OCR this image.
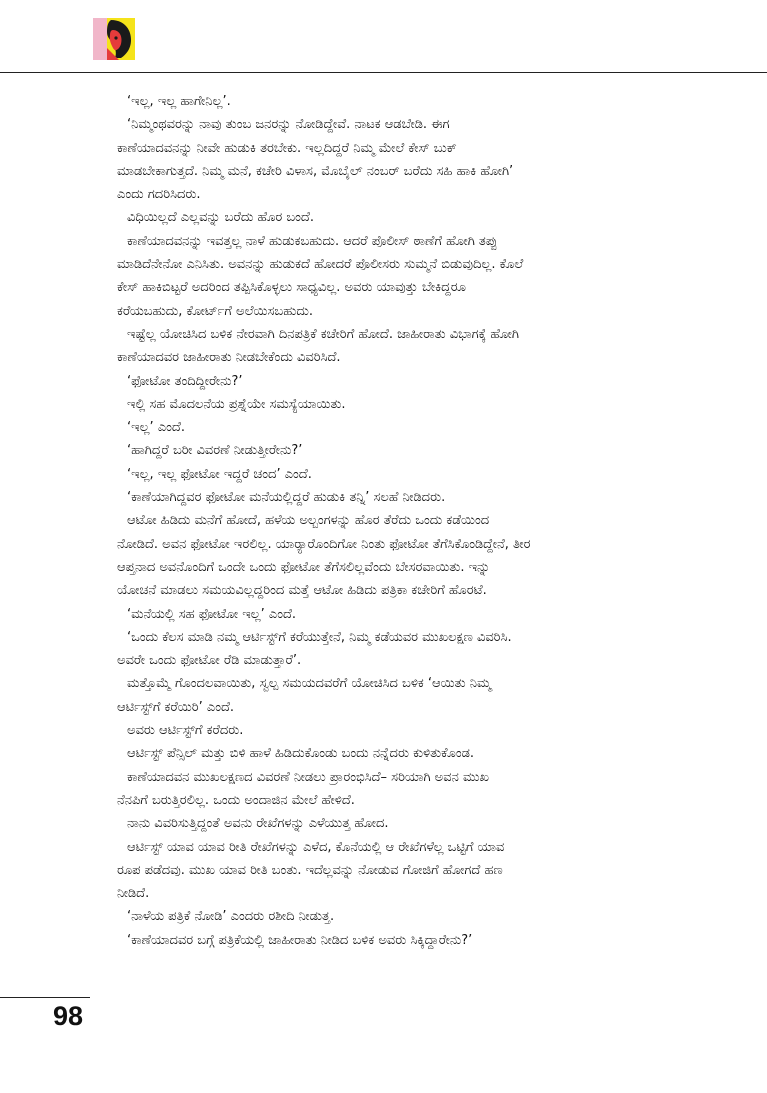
‘ಇಲ್ಲ, ಇಲ್ಲ ಹಾಗೇನಿಲ್ಲ’.
‘ನಿಮ್ಮಂಥವರನ್ನು ನಾವು ತುಂಬ ಜನರನ್ನು ನೋಡಿದ್ದೇವೆ. ನಾಟಕ ಆಡಬೇಡಿ. ಈಗ
ಕಾಣೆಯಾದವನನ್ನು ನೀವೇ ಹುಡುಕಿ ತರಬೇಕು. ಇಲ್ಲದಿದ್ದರೆ ನಿಮ್ಮ ಮೇಲೆ ಕೇಸ್ ಬುಕ್
ಮಾಡಬೇಕಾಗುತ್ತದೆ. ನಿಮ್ಮ ಮನೆ, ಕಚೇರಿ ವಿಳಾಸ, ಮೊಬೈಲ್ ನಂಬರ್ ಬರೆದು ಸಹಿ ಹಾಕಿ ಹೋಗಿ’
ಎಂದು ಗದರಿಸಿದರು.
ವಿಧಿಯಿಲ್ಲದೆ ಎಲ್ಲವನ್ನು ಬರೆದು ಹೊರ ಬಂದೆ.
ಕಾಣೆಯಾದವನನ್ನು ಇವತ್ತಲ್ಲ ನಾಳೆ ಹುಡುಕಬಹುದು. ಆದರೆ ಪೊಲೀಸ್ ಠಾಣೆಗೆ ಹೋಗಿ ತಪ್ಪು
ಮಾಡಿದೆನೇನೋ ಎನಿಸಿತು. ಅವನನ್ನು ಹುಡುಕದೆ ಹೋದರೆ ಪೊಲೀಸರು ಸುಮ್ಮನೆ ಬಿಡುವುದಿಲ್ಲ. ಕೊಲೆ
ಕೇಸ್ ಹಾಕಿಬಿಟ್ಟರೆ ಅದರಿಂದ ತಪ್ಪಿಸಿಕೊಳ್ಳಲು ಸಾಧ್ಯವಿಲ್ಲ. ಅವರು ಯಾವುತ್ತು ಬೇಕಿದ್ದರೂ
ಕರೆಯಬಹುದು, ಕೋರ್ಟ್‌ಗೆ ಅಲೆಯಿಸಬಹುದು.
ಇಷ್ಟೆಲ್ಲ ಯೋಚಿಸಿದ ಬಳಿಕ ನೇರವಾಗಿ ದಿನಪತ್ರಿಕೆ ಕಚೇರಿಗೆ ಹೋದೆ. ಜಾಹೀರಾತು ವಿಭಾಗಕ್ಕೆ ಹೋಗಿ
ಕಾಣೆಯಾದವರ ಜಾಹೀರಾತು ನೀಡಬೇಕೆಂದು ವಿವರಿಸಿದೆ.
‘ಫೋಟೋ ತಂದಿದ್ದೀರೇನು?’
ಇಲ್ಲಿ ಸಹ ಮೊದಲನೆಯ ಪ್ರಶ್ನೆಯೇ ಸಮಸ್ಯೆಯಾಯಿತು.
‘ಇಲ್ಲ’ ಎಂದೆ.
‘ಹಾಗಿದ್ದರೆ ಬರೀ ವಿವರಣೆ ನೀಡುತ್ತೀರೇನು?’
‘ಇಲ್ಲ, ಇಲ್ಲ ಫೋಟೋ ಇದ್ದರೆ ಚಂದ’ ಎಂದೆ.
‘ಕಾಣೆಯಾಗಿದ್ದವರ ಫೋಟೋ ಮನೆಯಲ್ಲಿದ್ದರೆ ಹುಡುಕಿ ತನ್ನಿ’ ಸಲಹೆ ನೀಡಿದರು.
ಆಟೋ ಹಿಡಿದು ಮನೆಗೆ ಹೋದೆ, ಹಳೆಯ ಅಲ್ಬಂಗಳನ್ನು ಹೊರ ತೆರೆದು ಒಂದು ಕಡೆಯಿಂದ
ನೋಡಿದೆ. ಅವನ ಫೋಟೋ ಇರಲಿಲ್ಲ. ಯಾರ್‍ಯಾರೊಂದಿಗೋ ನಿಂತು ಫೋಟೋ ತೆಗೆಸಿಕೊಂಡಿದ್ದೇನೆ, ತೀರ
ಆಪ್ತನಾದ ಅವನೊಂದಿಗೆ ಒಂದೇ ಒಂದು ಫೋಟೋ ತೆಗೆಸಲಿಲ್ಲವೆಂದು ಬೇಸರವಾಯಿತು. ಇನ್ನು
ಯೋಚನೆ ಮಾಡಲು ಸಮಯವಿಲ್ಲದ್ದರಿಂದ ಮತ್ತೆ ಆಟೋ ಹಿಡಿದು ಪತ್ರಿಕಾ ಕಚೇರಿಗೆ ಹೊರಟೆ.
‘ಮನೆಯಲ್ಲಿ ಸಹ ಫೋಟೋ ಇಲ್ಲ’ ಎಂದೆ.
‘ಒಂದು ಕೆಲಸ ಮಾಡಿ ನಮ್ಮ ಆರ್ಟಿಸ್ಟ್‌ಗೆ ಕರೆಯುತ್ತೇನೆ, ನಿಮ್ಮ ಕಡೆಯವರ ಮುಖಲಕ್ಷಣ ವಿವರಿಸಿ.
ಅವರೇ ಒಂದು ಫೋಟೋ ರೆಡಿ ಮಾಡುತ್ತಾರೆ’.
ಮತ್ತೊಮ್ಮೆ ಗೊಂದಲವಾಯಿತು, ಸ್ವಲ್ಪ ಸಮಯದವರೆಗೆ ಯೋಚಿಸಿದ ಬಳಿಕ ‘ಆಯಿತು ನಿಮ್ಮ
ಆರ್ಟಿಸ್ಟ್‌ಗೆ ಕರೆಯಿರಿ’ ಎಂದೆ.
ಅವರು ಆರ್ಟಿಸ್ಟ್‌ಗೆ ಕರೆದರು.
ಆರ್ಟಿಸ್ಟ್ ಪೆನ್ಸಿಲ್ ಮತ್ತು ಬಿಳಿ ಹಾಳೆ ಹಿಡಿದುಕೊಂಡು ಬಂದು ನನ್ನೆದರು ಕುಳಿತುಕೊಂಡ.
ಕಾಣೆಯಾದವನ ಮುಖಲಕ್ಷಣದ ವಿವರಣೆ ನೀಡಲು ಪ್ರಾರಂಭಿಸಿದೆ– ಸರಿಯಾಗಿ ಅವನ ಮುಖ
ನೆನಪಿಗೆ ಬರುತ್ತಿರಲಿಲ್ಲ. ಒಂದು ಅಂದಾಜಿನ ಮೇಲೆ ಹೇಳಿದೆ.
ನಾನು ವಿವರಿಸುತ್ತಿದ್ದಂತೆ ಅವನು ರೇಖೆಗಳನ್ನು ಎಳೆಯುತ್ತ ಹೋದ.
ಆರ್ಟಿಸ್ಟ್ ಯಾವ ಯಾವ ರೀತಿ ರೇಖೆಗಳನ್ನು ಎಳೆದ, ಕೊನೆಯಲ್ಲಿ ಆ ರೇಖೆಗಳೆಲ್ಲ ಒಟ್ಟಿಗೆ ಯಾವ
ರೂಪ ಪಡೆದವು. ಮುಖ ಯಾವ ರೀತಿ ಬಂತು. ಇದೆಲ್ಲವನ್ನು ನೋಡುವ ಗೋಜಿಗೆ ಹೋಗದೆ ಹಣ
ನೀಡಿದೆ.
‘ನಾಳೆಯ ಪತ್ರಿಕೆ ನೋಡಿ’ ಎಂದರು ರಶೀದಿ ನೀಡುತ್ತ.
‘ಕಾಣೆಯಾದವರ ಬಗ್ಗೆ ಪತ್ರಿಕೆಯಲ್ಲಿ ಜಾಹೀರಾತು ನೀಡಿದ ಬಳಿಕ ಅವರು ಸಿಕ್ಕಿದ್ದಾರೇನು?’
98
